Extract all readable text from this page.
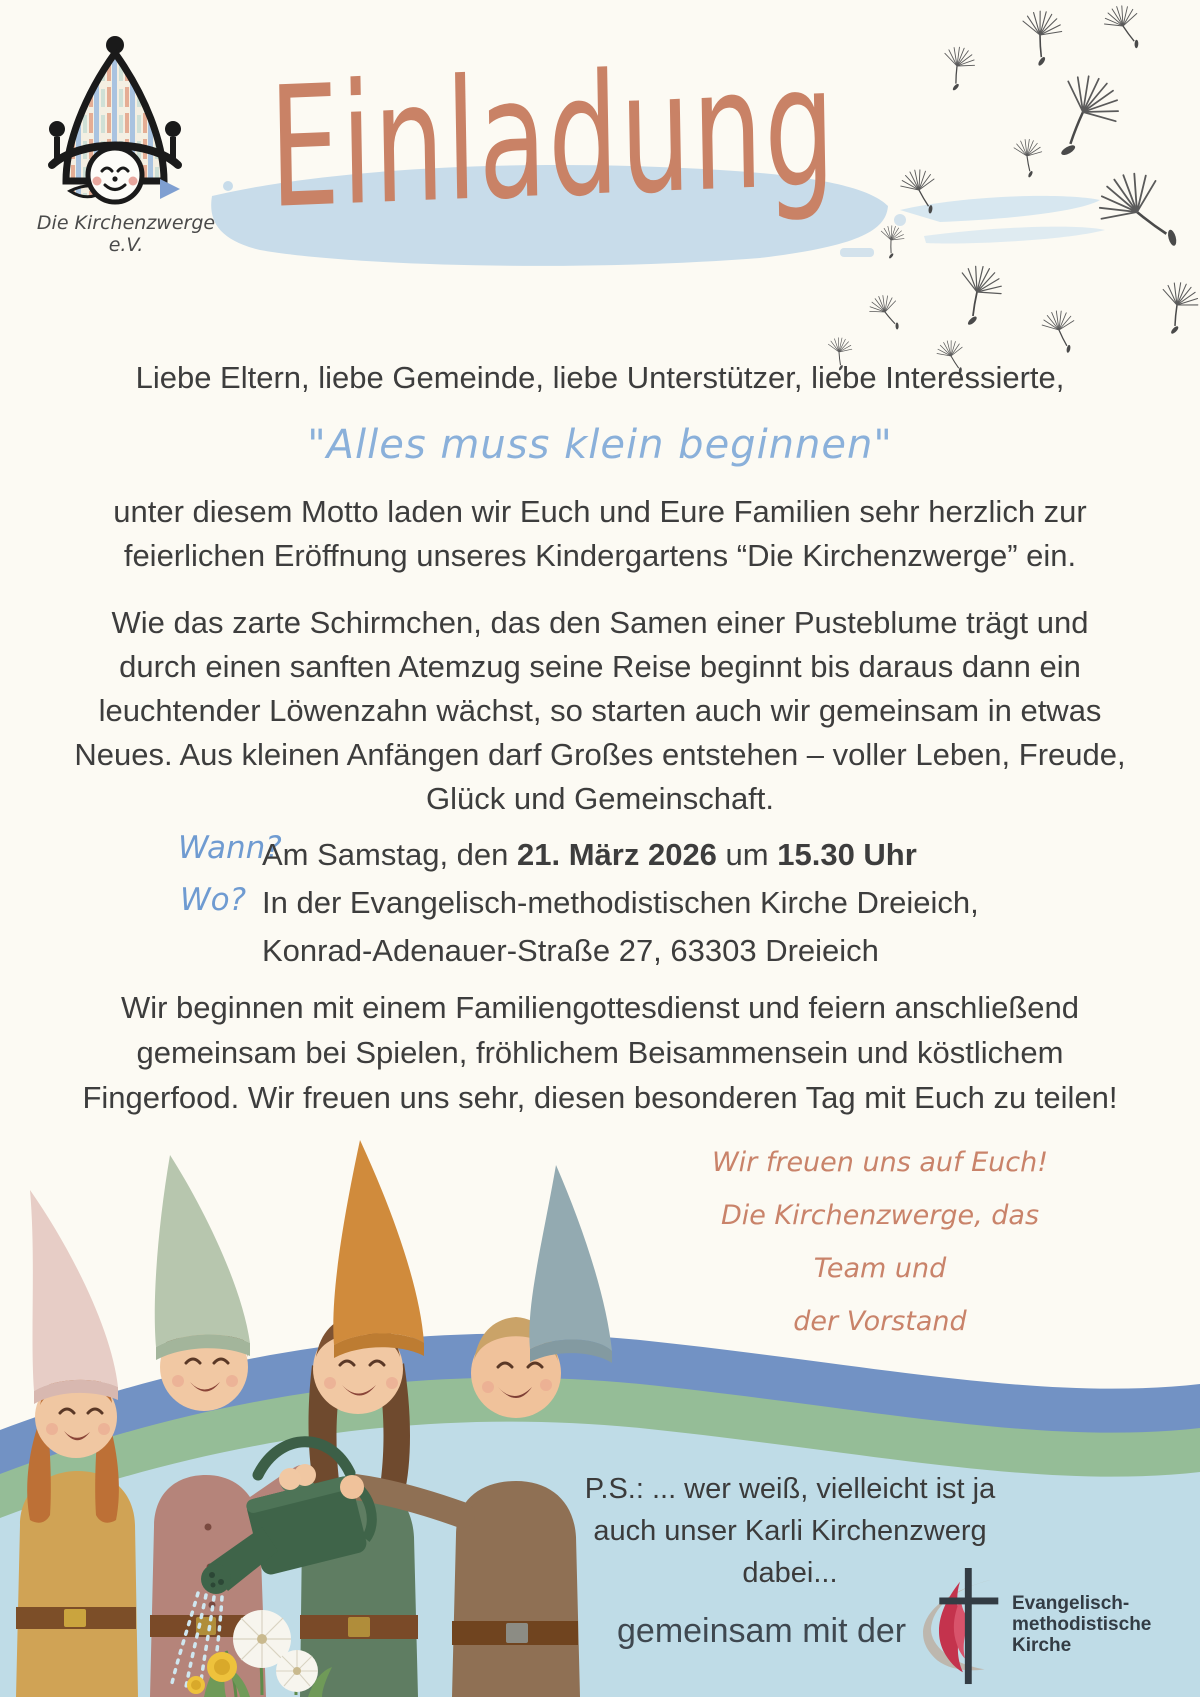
Die Kirchenzwerge e.V. Einladung
Liebe Eltern, liebe Gemeinde, liebe Unterstützer, liebe Interessierte,
"Alles muss klein beginnen"
unter diesem Motto laden wir Euch und Eure Familien sehr herzlich zur
feierlichen Eröffnung unseres Kindergartens “Die Kirchenzwerge” ein.
Wie das zarte Schirmchen, das den Samen einer Pusteblume trägt und
durch einen sanften Atemzug seine Reise beginnt bis daraus dann ein
leuchtender Löwenzahn wächst, so starten auch wir gemeinsam in etwas
Neues. Aus kleinen Anfängen darf Großes entstehen – voller Leben, Freude,
Glück und Gemeinschaft.
Wann?
Wo?
Am Samstag, den 21. März 2026 um 15.30 Uhr
In der Evangelisch-methodistischen Kirche Dreieich,
Konrad-Adenauer-Straße 27, 63303 Dreieich
Wir beginnen mit einem Familiengottesdienst und feiern anschließend
gemeinsam bei Spielen, fröhlichem Beisammensein und köstlichem
Fingerfood. Wir freuen uns sehr, diesen besonderen Tag mit Euch zu teilen!
Wir freuen uns auf Euch!
Die Kirchenzwerge, das Team und
der Vorstand
P.S.: ... wer weiß, vielleicht ist ja
auch unser Karli Kirchenzwerg
dabei...
gemeinsam mit der
Evangelisch-
methodistische
Kirche
